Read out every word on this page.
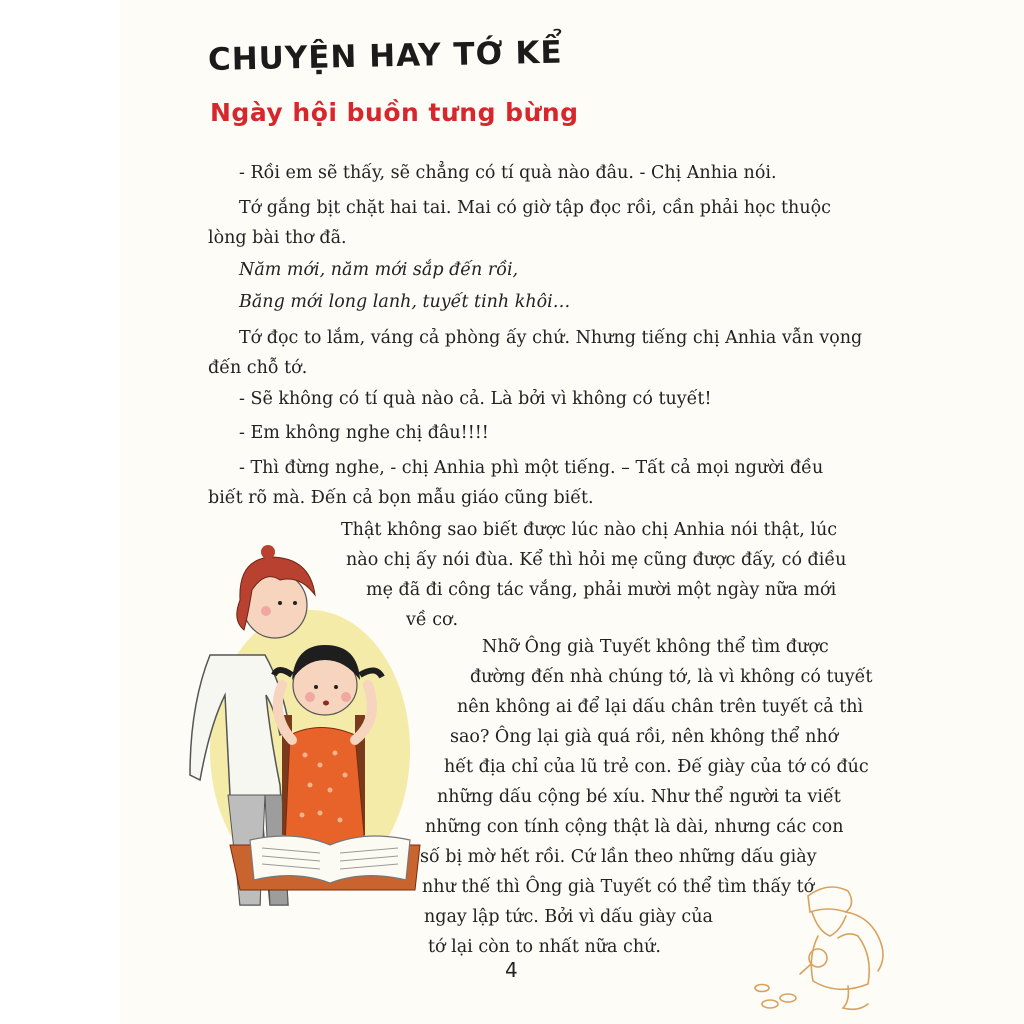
CHUYỆN HAY TỚ KỂ
Ngày hội buồn tưng bừng

- Rồi em sẽ thấy, sẽ chẳng có tí quà nào đâu. - Chị Anhia nói.

Tớ gắng bịt chặt hai tai. Mai có giờ tập đọc rồi, cần phải học thuộc
lòng bài thơ đã.

Năm mới, năm mới sắp đến rồi,

Băng mới long lanh, tuyết tinh khôi…

Tớ đọc to lắm, váng cả phòng ấy chứ. Nhưng tiếng chị Anhia vẫn vọng
đến chỗ tớ.

- Sẽ không có tí quà nào cả. Là bởi vì không có tuyết!

- Em không nghe chị đâu!!!!

- Thì đừng nghe, - chị Anhia phì một tiếng. – Tất cả mọi người đều
biết rõ mà. Đến cả bọn mẫu giáo cũng biết.

Thật không sao biết được lúc nào chị Anhia nói thật, lúc
nào chị ấy nói đùa. Kể thì hỏi mẹ cũng được đấy, có điều
mẹ đã đi công tác vắng, phải mười một ngày nữa mới
về cơ.

Nhỡ Ông già Tuyết không thể tìm được
đường đến nhà chúng tớ, là vì không có tuyết
nên không ai để lại dấu chân trên tuyết cả thì
sao? Ông lại già quá rồi, nên không thể nhớ
hết địa chỉ của lũ trẻ con. Đế giày của tớ có đúc
những dấu cộng bé xíu. Như thể người ta viết
những con tính cộng thật là dài, nhưng các con
số bị mờ hết rồi. Cứ lần theo những dấu giày
như thế thì Ông già Tuyết có thể tìm thấy tớ
ngay lập tức. Bởi vì dấu giày của
tớ lại còn to nhất nữa chứ.

4
